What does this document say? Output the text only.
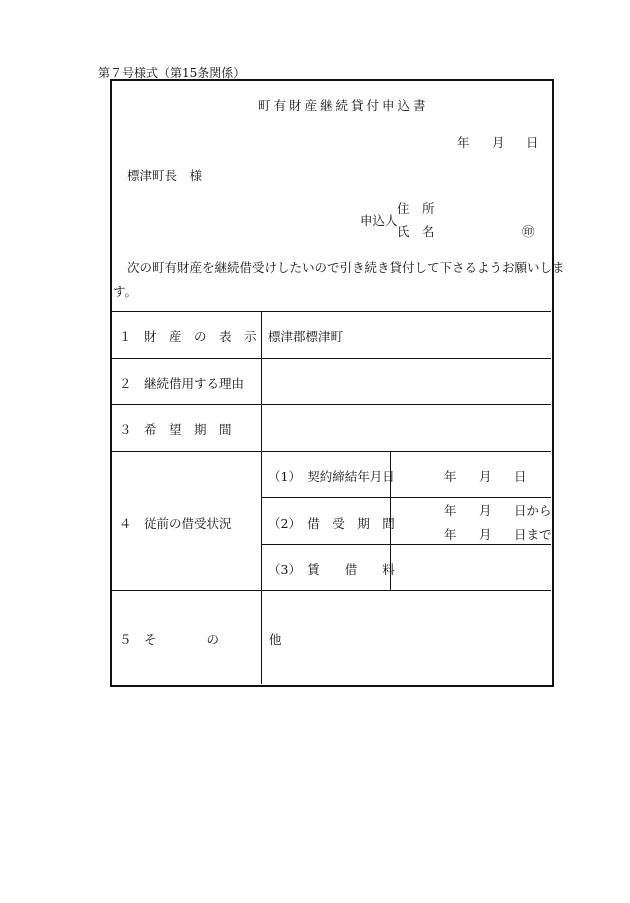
第７号様式（第15条関係）
町有財産継続貸付申込書
年 月 日
標津町長　様
申込人
住　所
氏　名	㊞
次の町有財産を継続借受けしたいので引き続き貸付して下さるようお願いしま
す。
１　財　産　の　表　示 標津郡標津町
２　継続借用する理由
３　希　望　期　間
４　従前の借受状況
（1）　契約締結年月日	年 月 日
（2）　借　受　期　間
年 月 日から
年 月 日まで
（3）　賃　　借　　料
５　そ　　　　の　　　　他
